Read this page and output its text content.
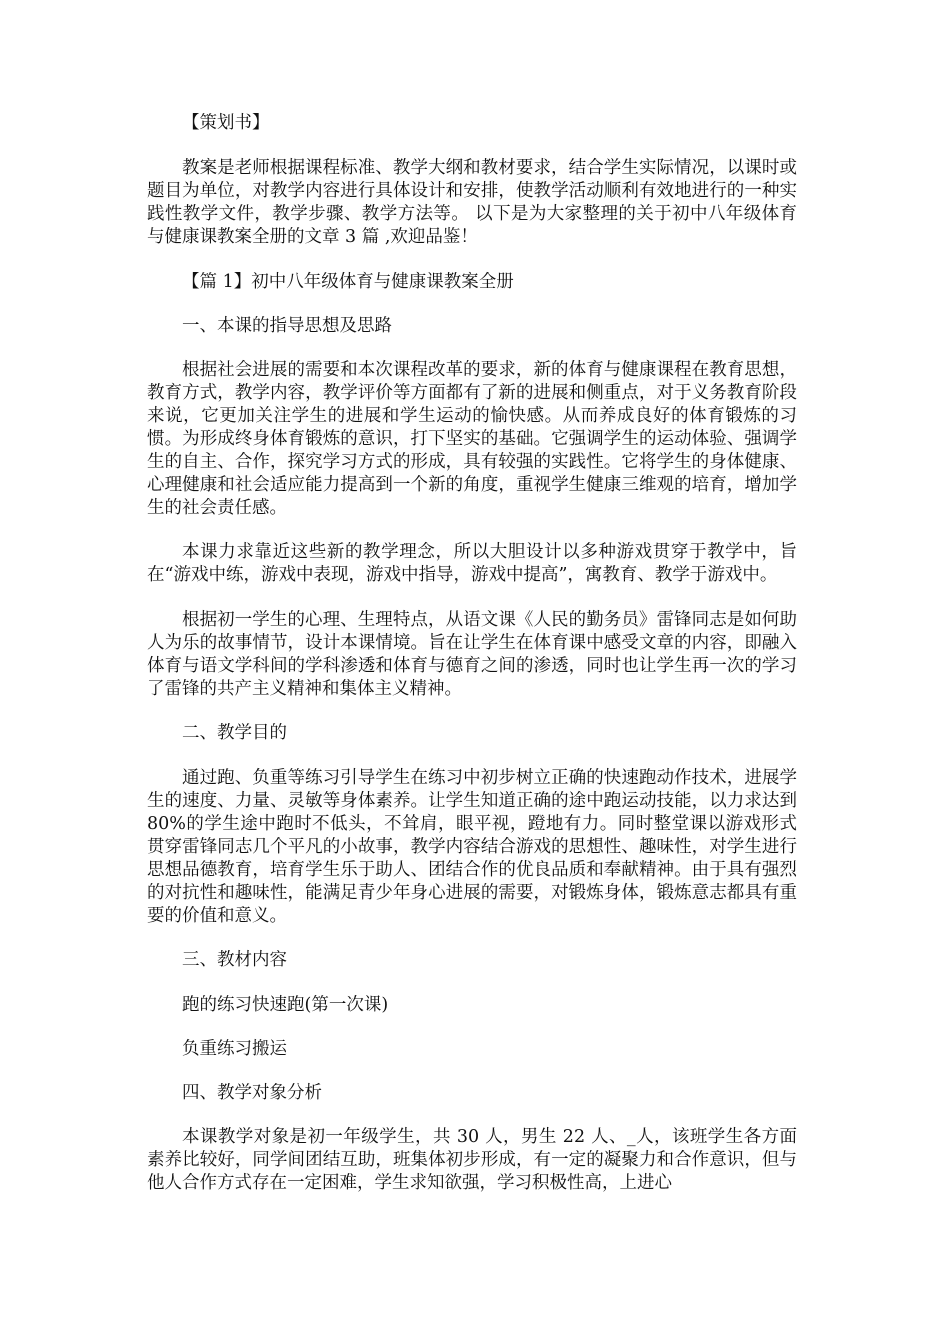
【策划书】

教案是老师根据课程标准、教学大纲和教材要求，结合学生实际情况，以课时或题目为单位，对教学内容进行具体设计和安排，使教学活动顺利有效地进行的一种实践性教学文件，教学步骤、教学方法等。 以下是为大家整理的关于初中八年级体育与健康课教案全册的文章 3 篇 ,欢迎品鉴！

【篇 1】初中八年级体育与健康课教案全册

一、本课的指导思想及思路

根据社会进展的需要和本次课程改革的要求，新的体育与健康课程在教育思想，教育方式，教学内容，教学评价等方面都有了新的进展和侧重点，对于义务教育阶段来说，它更加关注学生的进展和学生运动的愉快感。从而养成良好的体育锻炼的习惯。为形成终身体育锻炼的意识，打下坚实的基础。它强调学生的运动体验、强调学生的自主、合作，探究学习方式的形成，具有较强的实践性。它将学生的身体健康、心理健康和社会适应能力提高到一个新的角度，重视学生健康三维观的培育，增加学生的社会责任感。

本课力求靠近这些新的教学理念，所以大胆设计以多种游戏贯穿于教学中，旨在“游戏中练，游戏中表现，游戏中指导，游戏中提高”，寓教育、教学于游戏中。

根据初一学生的心理、生理特点，从语文课《人民的勤务员》雷锋同志是如何助人为乐的故事情节，设计本课情境。旨在让学生在体育课中感受文章的内容，即融入体育与语文学科间的学科渗透和体育与德育之间的渗透，同时也让学生再一次的学习了雷锋的共产主义精神和集体主义精神。

二、教学目的

通过跑、负重等练习引导学生在练习中初步树立正确的快速跑动作技术，进展学生的速度、力量、灵敏等身体素养。让学生知道正确的途中跑运动技能，以力求达到 80%的学生途中跑时不低头，不耸肩，眼平视，蹬地有力。同时整堂课以游戏形式贯穿雷锋同志几个平凡的小故事，教学内容结合游戏的思想性、趣味性，对学生进行思想品德教育，培育学生乐于助人、团结合作的优良品质和奉献精神。由于具有强烈的对抗性和趣味性，能满足青少年身心进展的需要，对锻炼身体，锻炼意志都具有重要的价值和意义。

三、教材内容

跑的练习快速跑(第一次课)

负重练习搬运

四、教学对象分析

本课教学对象是初一年级学生，共 30 人，男生 22 人、_人，该班学生各方面素养比较好，同学间团结互助，班集体初步形成，有一定的凝聚力和合作意识，但与他人合作方式存在一定困难，学生求知欲强，学习积极性高，上进心
